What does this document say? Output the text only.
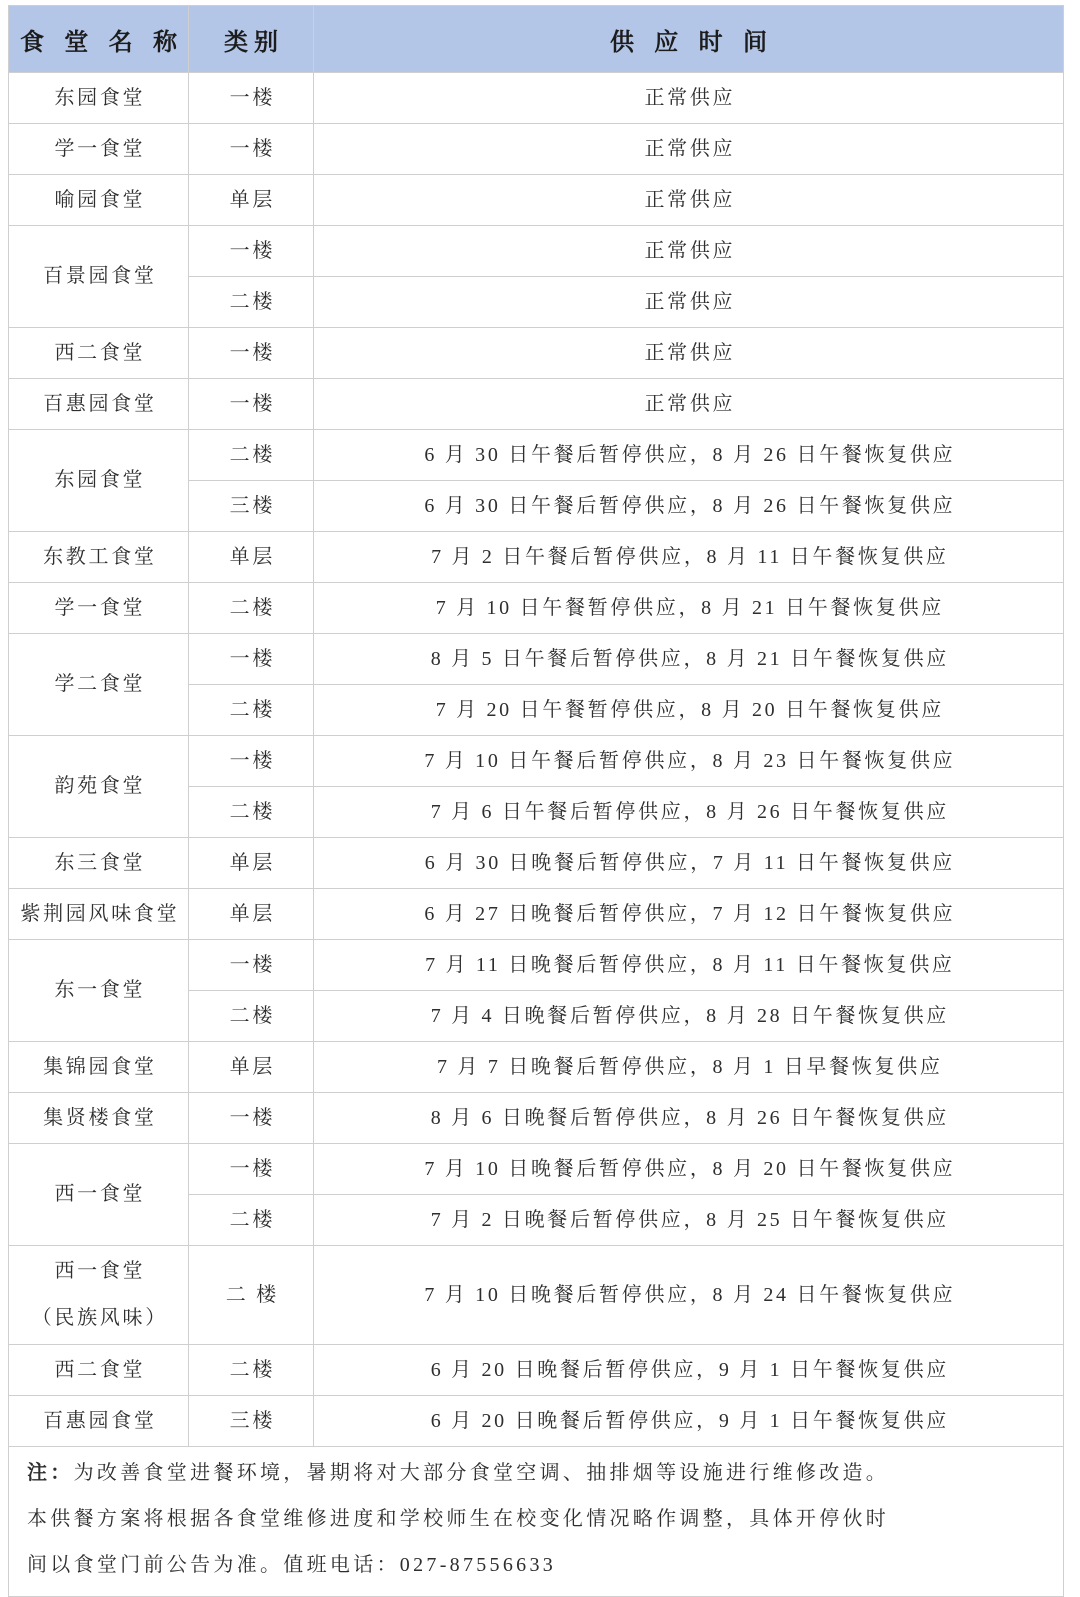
食 堂 名 称	类别	供 应 时 间

东园食堂	一楼	正常供应

学一食堂	一楼	正常供应

喻园食堂	单层	正常供应

百景园食堂	一楼	正常供应
	二楼	正常供应

西二食堂	一楼	正常供应

百惠园食堂	一楼	正常供应

东园食堂	二楼	6 月 30 日午餐后暂停供应，8 月 26 日午餐恢复供应
	三楼	6 月 30 日午餐后暂停供应，8 月 26 日午餐恢复供应

东教工食堂	单层	7 月 2 日午餐后暂停供应，8 月 11 日午餐恢复供应

学一食堂	二楼	7 月 10 日午餐暂停供应，8 月 21 日午餐恢复供应

学二食堂	一楼	8 月 5 日午餐后暂停供应，8 月 21 日午餐恢复供应
	二楼	7 月 20 日午餐暂停供应，8 月 20 日午餐恢复供应

韵苑食堂	一楼	7 月 10 日午餐后暂停供应，8 月 23 日午餐恢复供应
	二楼	7 月 6 日午餐后暂停供应，8 月 26 日午餐恢复供应

东三食堂	单层	6 月 30 日晚餐后暂停供应，7 月 11 日午餐恢复供应

紫荆园风味食堂	单层	6 月 27 日晚餐后暂停供应，7 月 12 日午餐恢复供应

东一食堂	一楼	7 月 11 日晚餐后暂停供应，8 月 11 日午餐恢复供应
	二楼	7 月 4 日晚餐后暂停供应，8 月 28 日午餐恢复供应

集锦园食堂	单层	7 月 7 日晚餐后暂停供应，8 月 1 日早餐恢复供应

集贤楼食堂	一楼	8 月 6 日晚餐后暂停供应，8 月 26 日午餐恢复供应

西一食堂	一楼	7 月 10 日晚餐后暂停供应，8 月 20 日午餐恢复供应
	二楼	7 月 2 日晚餐后暂停供应，8 月 25 日午餐恢复供应

西一食堂
（民族风味）	二 楼	7 月 10 日晚餐后暂停供应，8 月 24 日午餐恢复供应

西二食堂	二楼	6 月 20 日晚餐后暂停供应，9 月 1 日午餐恢复供应

百惠园食堂	三楼	6 月 20 日晚餐后暂停供应，9 月 1 日午餐恢复供应

注：为改善食堂进餐环境，暑期将对大部分食堂空调、抽排烟等设施进行维修改造。
本供餐方案将根据各食堂维修进度和学校师生在校变化情况略作调整，具体开停伙时
间以食堂门前公告为准。值班电话：027-87556633		
